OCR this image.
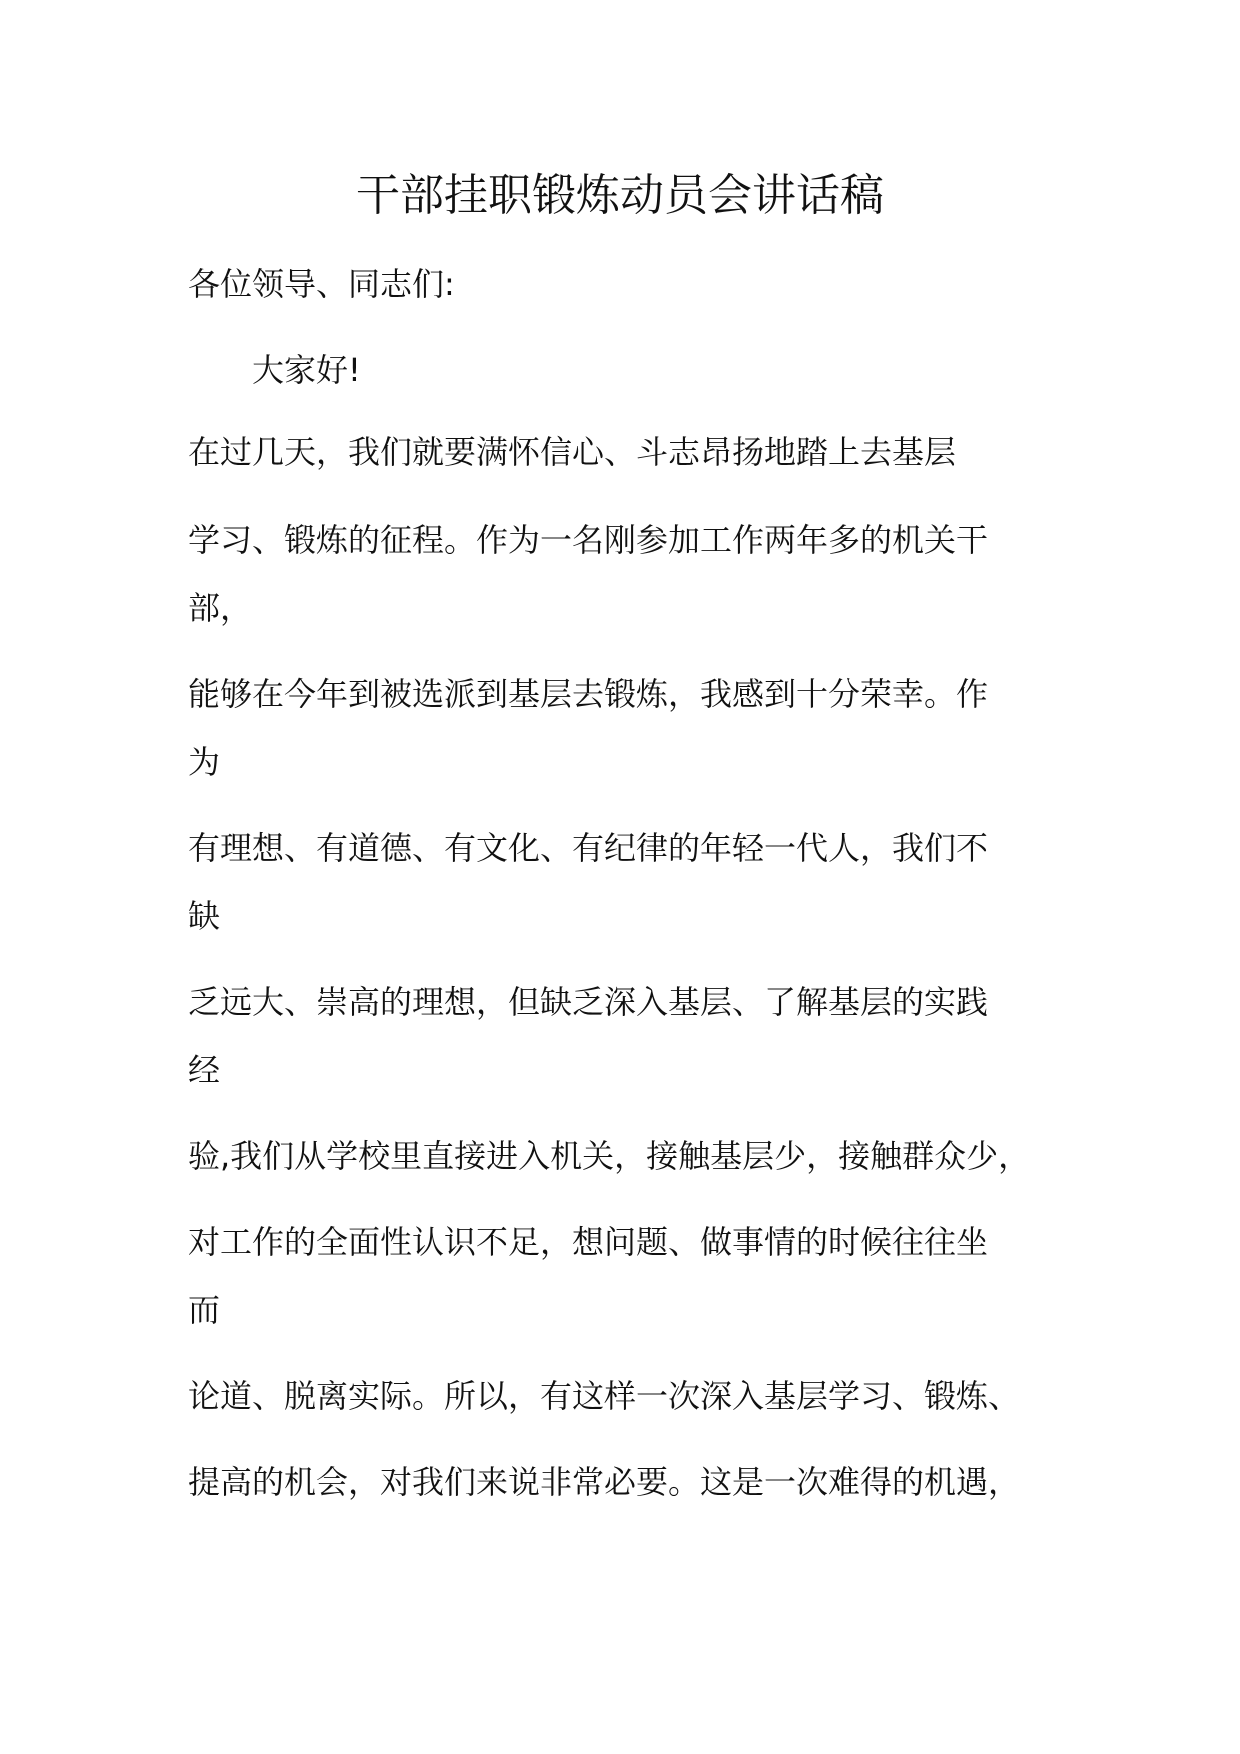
干部挂职锻炼动员会讲话稿
各位领导、同志们:
大家好!
在过几天，我们就要满怀信心、斗志昂扬地踏上去基层
学习、锻炼的征程。作为一名刚参加工作两年多的机关干
部，
能够在今年到被选派到基层去锻炼，我感到十分荣幸。作
为
有理想、有道德、有文化、有纪律的年轻一代人，我们不
缺
乏远大、崇高的理想，但缺乏深入基层、了解基层的实践
经
验,我们从学校里直接进入机关，接触基层少，接触群众少，
对工作的全面性认识不足，想问题、做事情的时候往往坐
而
论道、脱离实际。所以，有这样一次深入基层学习、锻炼、
提高的机会，对我们来说非常必要。这是一次难得的机遇，
